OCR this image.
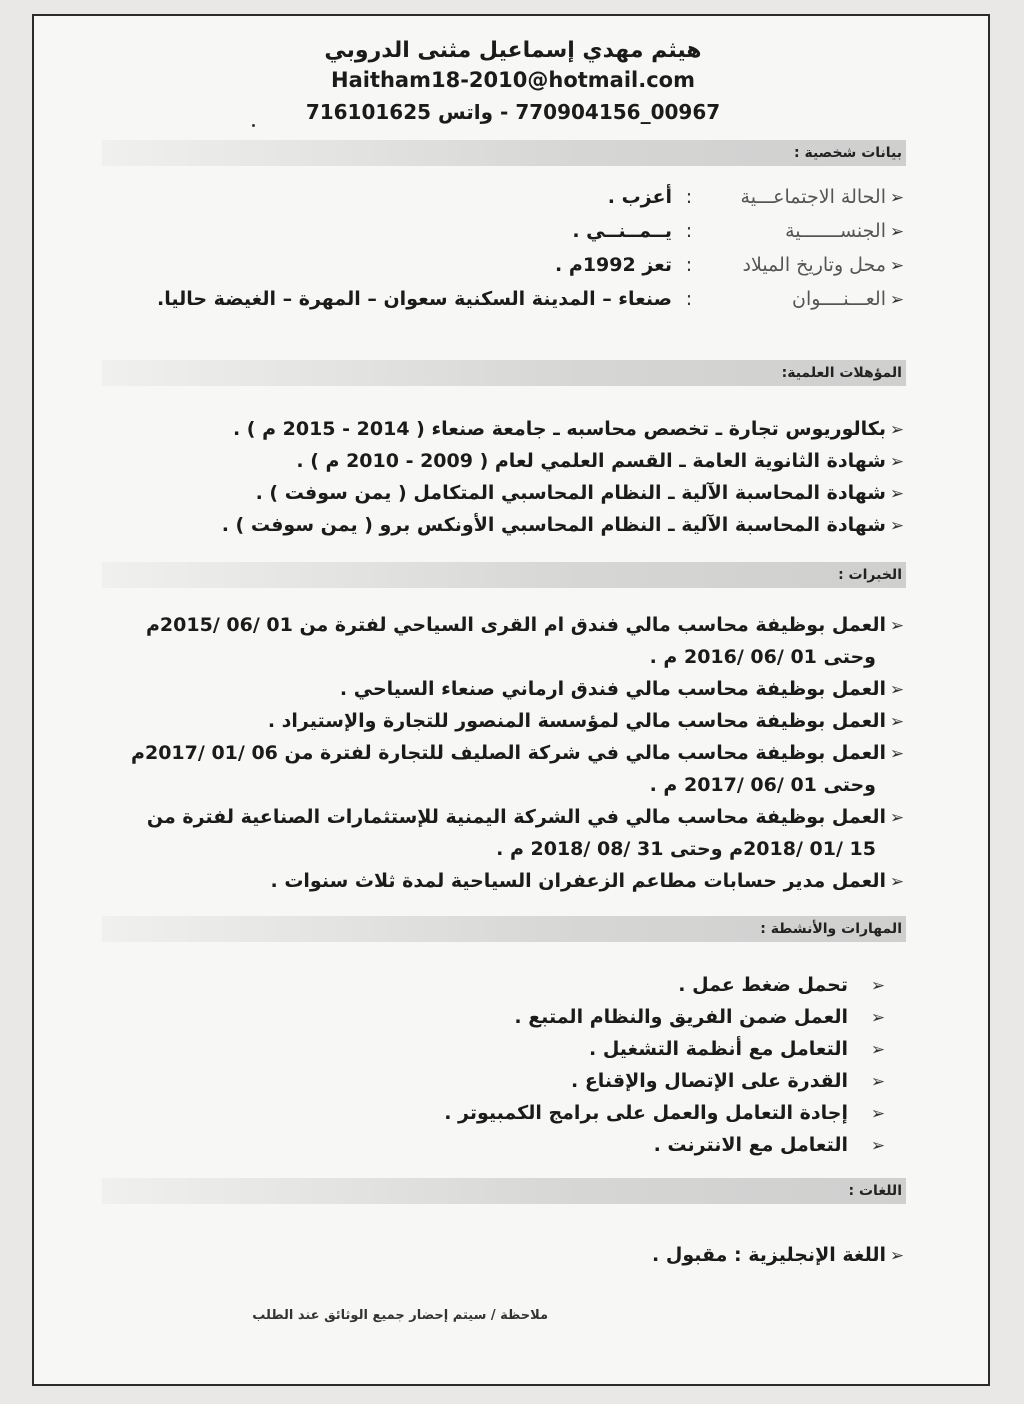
هيثم مهدي إسماعيل مثنى الدروبي
Haitham18-2010@hotmail.com
00967_770904156 - واتس 716101625
بيانات شخصية :
➢الحالة الاجتماعـــية:أعزب .
➢الجنســـــــية:يــمــنــي .
➢محل وتاريخ الميلاد:تعز 1992م .
➢العـــنــــوان:صنعاء – المدينة السكنية سعوان – المهرة – الغيضة حاليا.
المؤهلات العلمية:
➢بكالوريوس تجارة ـ تخصص محاسبه ـ جامعة صنعاء ( 2014 - 2015 م ) .
➢شهادة الثانوية العامة ـ القسم العلمي لعام ( 2009 - 2010 م ) .
➢شهادة المحاسبة الآلية ـ النظام المحاسبي المتكامل ( يمن سوفت ) .
➢شهادة المحاسبة الآلية ـ النظام المحاسبي الأونكس برو ( يمن سوفت ) .
الخبرات :
➢العمل بوظيفة محاسب مالي فندق ام القرى السياحي لفترة من 01 /06 /2015م
وحتى 01 /06 /2016 م .
➢العمل بوظيفة محاسب مالي فندق ارماني صنعاء السياحي .
➢العمل بوظيفة محاسب مالي لمؤسسة المنصور للتجارة والإستيراد .
➢العمل بوظيفة محاسب مالي في شركة الصليف للتجارة لفترة من 06 /01 /2017م
وحتى 01 /06 /2017 م .
➢العمل بوظيفة محاسب مالي في الشركة اليمنية للإستثمارات الصناعية لفترة من
15 /01 /2018م وحتى 31 /08 /2018 م .
➢العمل مدير حسابات مطاعم الزعفران السياحية لمدة ثلاث سنوات .
المهارات والأنشطة :
➢تحمل ضغط عمل .
➢العمل ضمن الفريق والنظام المتبع .
➢التعامل مع أنظمة التشغيل .
➢القدرة على الإتصال والإقناع .
➢إجادة التعامل والعمل على برامج الكمبيوتر .
➢التعامل مع الانترنت .
اللغات :
➢اللغة الإنجليزية : مقبول .
ملاحظة / سيتم إحضار جميع الوثائق عند الطلب
